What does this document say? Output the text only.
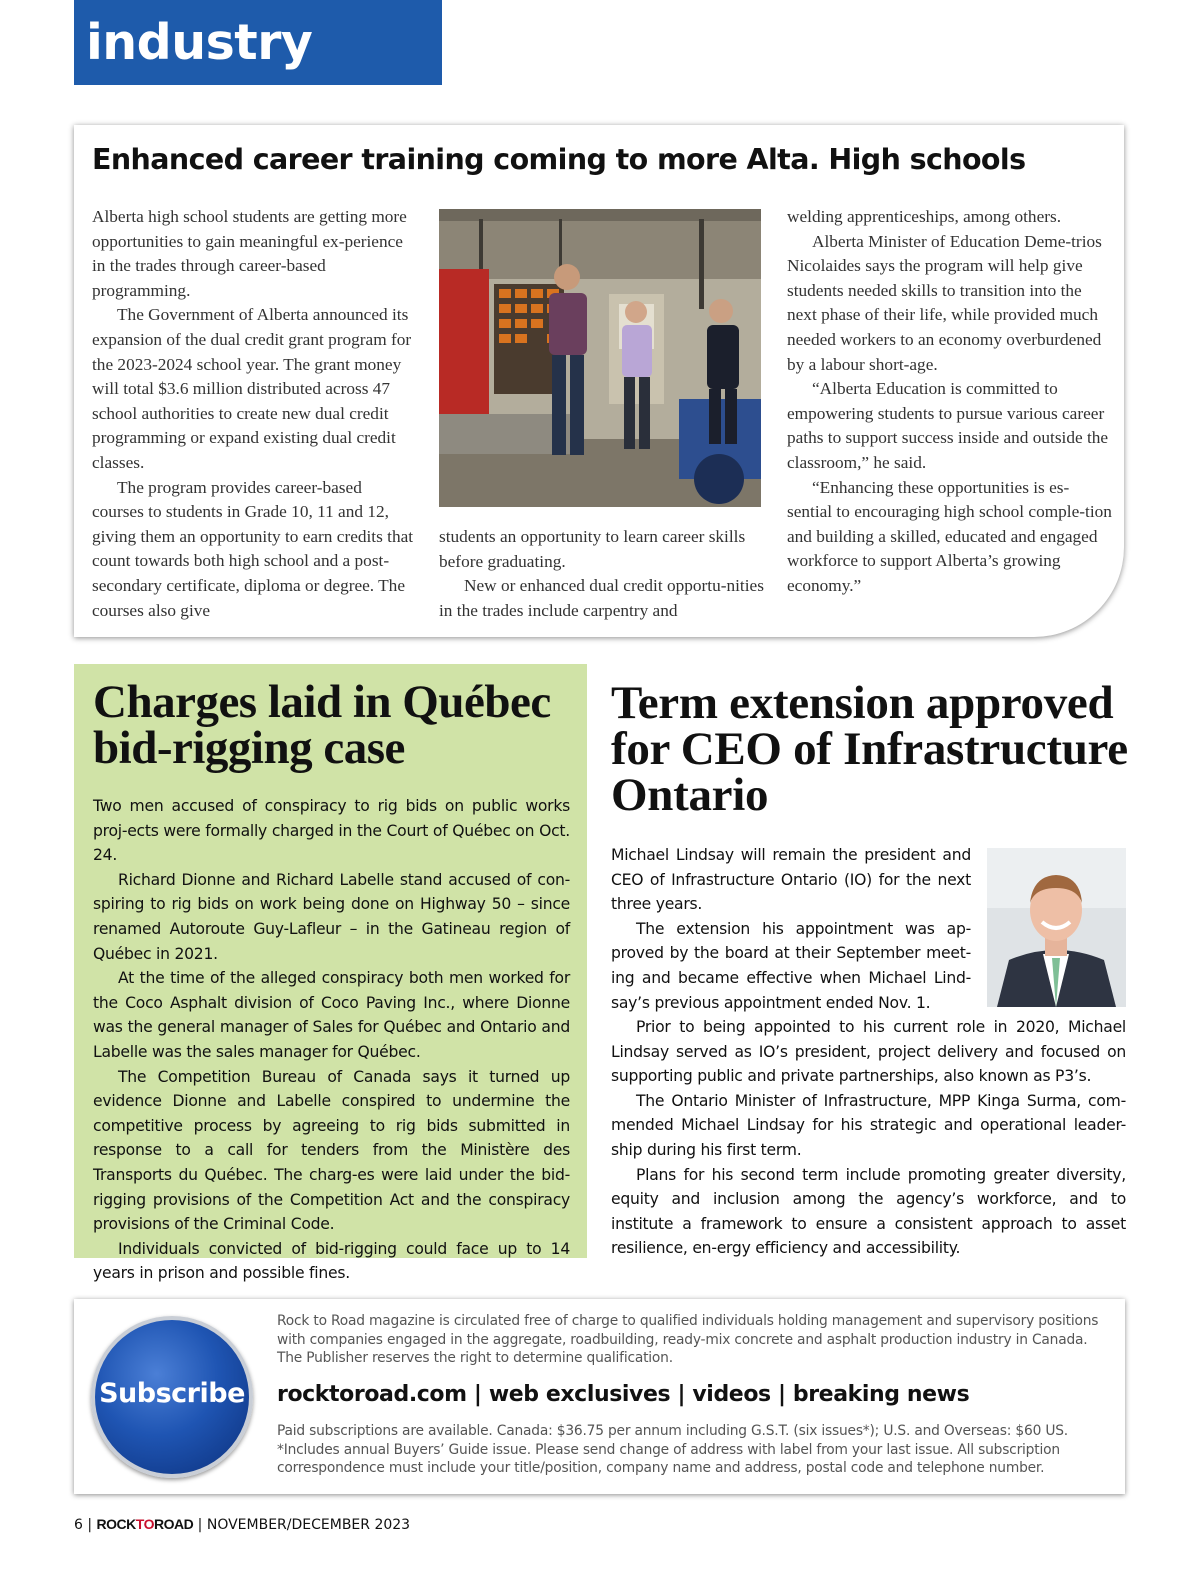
industry
Enhanced career training coming to more Alta. High schools

Alberta high school students are getting more opportunities to gain meaningful ex-perience in the trades through career-based programming.

The Government of Alberta announced its expansion of the dual credit grant program for the 2023-2024 school year. The grant money will total $3.6 million distributed across 47 school authorities to create new dual credit programming or expand existing dual credit classes.

The program provides career-based courses to students in Grade 10, 11 and 12, giving them an opportunity to earn credits that count towards both high school and a post-secondary certificate, diploma or degree. The courses also give

students an opportunity to learn career skills before graduating.

New or enhanced dual credit opportu-nities in the trades include carpentry and

welding apprenticeships, among others.

Alberta Minister of Education Deme-trios Nicolaides says the program will help give students needed skills to transition into the next phase of their life, while provided much needed workers to an economy overburdened by a labour short-age.

“Alberta Education is committed to empowering students to pursue various career paths to support success inside and outside the classroom,” he said.

“Enhancing these opportunities is es-sential to encouraging high school comple-tion and building a skilled, educated and engaged workforce to support Alberta’s growing economy.”

Charges laid in Québec bid-rigging case

Two men accused of conspiracy to rig bids on public works proj-ects were formally charged in the Court of Québec on Oct. 24.

Richard Dionne and Richard Labelle stand accused of con-spiring to rig bids on work being done on Highway 50 – since renamed Autoroute Guy-Lafleur – in the Gatineau region of Québec in 2021.

At the time of the alleged conspiracy both men worked for the Coco Asphalt division of Coco Paving Inc., where Dionne was the general manager of Sales for Québec and Ontario and Labelle was the sales manager for Québec.

The Competition Bureau of Canada says it turned up evidence Dionne and Labelle conspired to undermine the competitive process by agreeing to rig bids submitted in response to a call for tenders from the Ministère des Transports du Québec. The charg-es were laid under the bid-rigging provisions of the Competition Act and the conspiracy provisions of the Criminal Code.

Individuals convicted of bid-rigging could face up to 14 years in prison and possible fines.

Term extension approved for CEO of Infrastructure Ontario

Michael Lindsay will remain the president and CEO of Infrastructure Ontario (IO) for the next three years.

The extension his appointment was ap-proved by the board at their September meet-ing and became effective when Michael Lind-say’s previous appointment ended Nov. 1.

Prior to being appointed to his current role in 2020, Michael Lindsay served as IO’s president, project delivery and focused on supporting public and private partnerships, also known as P3’s.

The Ontario Minister of Infrastructure, MPP Kinga Surma, com-mended Michael Lindsay for his strategic and operational leader-ship during his first term.

Plans for his second term include promoting greater diversity, equity and inclusion among the agency’s workforce, and to institute a framework to ensure a consistent approach to asset resilience, en-ergy efficiency and accessibility.

Subscribe
Rock to Road magazine is circulated free of charge to qualified individuals holding management and supervisory positions with companies engaged in the aggregate, roadbuilding, ready-mix concrete and asphalt production industry in Canada. The Publisher reserves the right to determine qualification.
rocktoroad.com | web exclusives | videos | breaking news
Paid subscriptions are available. Canada: $36.75 per annum including G.S.T. (six issues*); U.S. and Overseas: $60 US. *Includes annual Buyers’ Guide issue. Please send change of address with label from your last issue. All subscription correspondence must include your title/position, company name and address, postal code and telephone number.
6 | ROCKTOROAD | NOVEMBER/DECEMBER 2023
